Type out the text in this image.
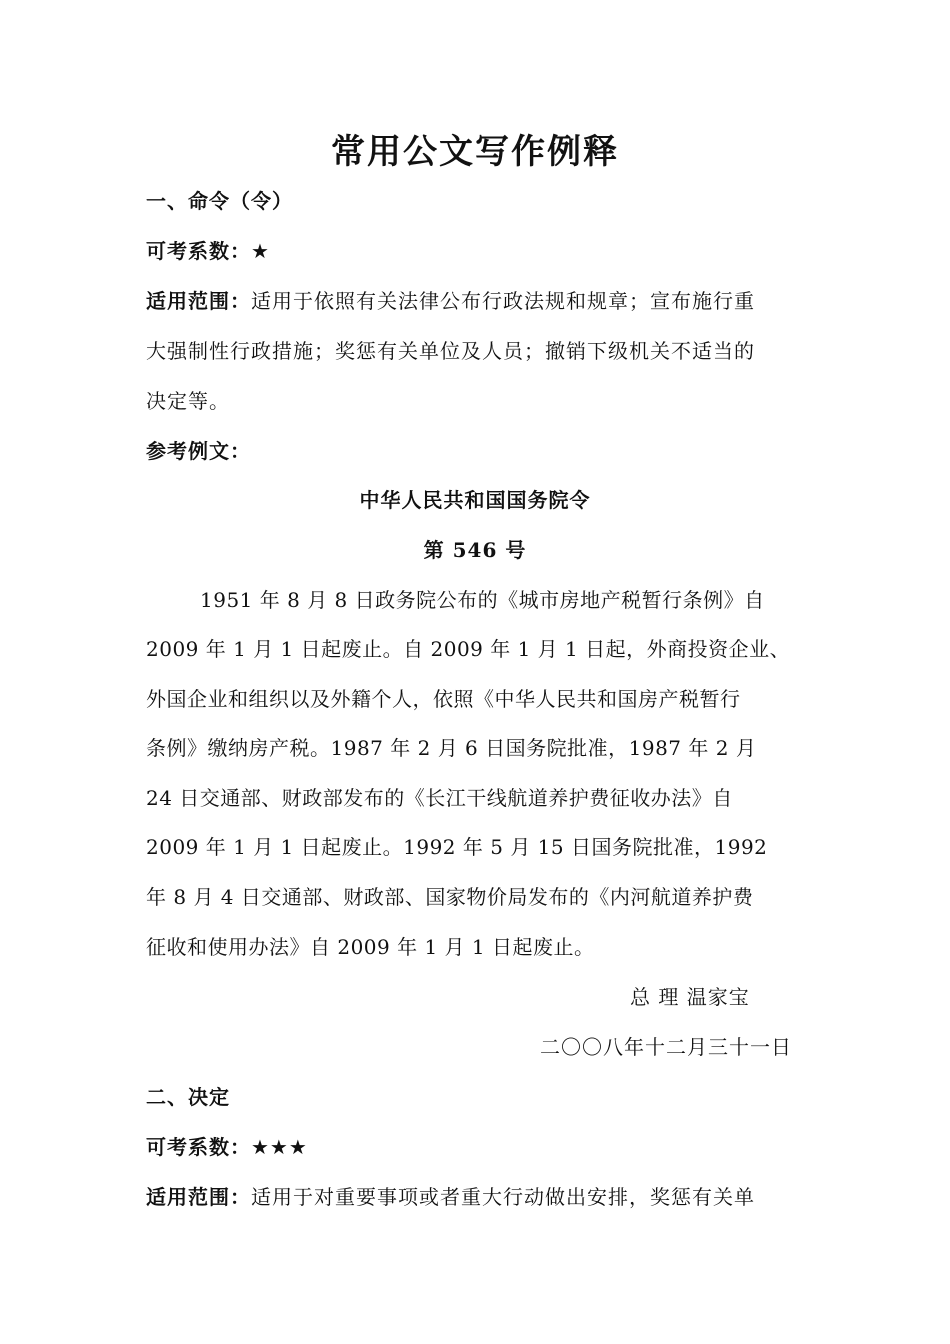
常用公文写作例释
一、命令（令）
可考系数：★
适用范围：适用于依照有关法律公布行政法规和规章；宣布施行重
大强制性行政措施；奖惩有关单位及人员；撤销下级机关不适当的
决定等。
参考例文：
中华人民共和国国务院令
第 546 号
1951 年 8 月 8 日政务院公布的《城市房地产税暂行条例》自
2009 年 1 月 1 日起废止。自 2009 年 1 月 1 日起，外商投资企业、
外国企业和组织以及外籍个人，依照《中华人民共和国房产税暂行
条例》缴纳房产税。1987 年 2 月 6 日国务院批准，1987 年 2 月
24 日交通部、财政部发布的《长江干线航道养护费征收办法》自
2009 年 1 月 1 日起废止。1992 年 5 月 15 日国务院批准，1992
年 8 月 4 日交通部、财政部、国家物价局发布的《内河航道养护费
征收和使用办法》自 2009 年 1 月 1 日起废止。
总 理 温家宝
二〇〇八年十二月三十一日
二、决定
可考系数：★★★
适用范围：适用于对重要事项或者重大行动做出安排，奖惩有关单
